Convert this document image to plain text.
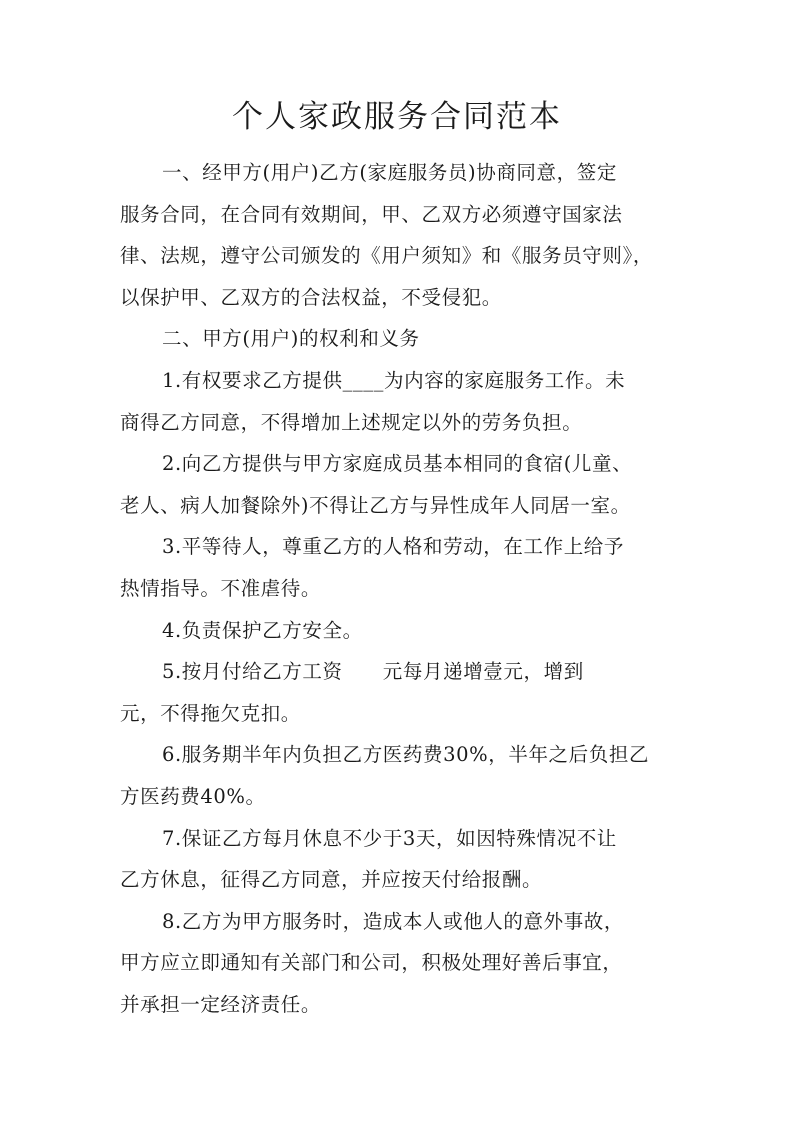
个人家政服务合同范本
一、经甲方(用户)乙方(家庭服务员)协商同意，签定
服务合同，在合同有效期间，甲、乙双方必须遵守国家法
律、法规，遵守公司颁发的《用户须知》和《服务员守则》，
以保护甲、乙双方的合法权益，不受侵犯。
二、甲方(用户)的权利和义务
1.有权要求乙方提供____为内容的家庭服务工作。未
商得乙方同意，不得增加上述规定以外的劳务负担。
2.向乙方提供与甲方家庭成员基本相同的食宿(儿童、
老人、病人加餐除外)不得让乙方与异性成年人同居一室。
3.平等待人，尊重乙方的人格和劳动，在工作上给予
热情指导。不准虐待。
4.负责保护乙方安全。
5.按月付给乙方工资　　元每月递增壹元，增到
元，不得拖欠克扣。
6.服务期半年内负担乙方医药费30%，半年之后负担乙
方医药费40%。
7.保证乙方每月休息不少于3天，如因特殊情况不让
乙方休息，征得乙方同意，并应按天付给报酬。
8.乙方为甲方服务时，造成本人或他人的意外事故，
甲方应立即通知有关部门和公司，积极处理好善后事宜，
并承担一定经济责任。
